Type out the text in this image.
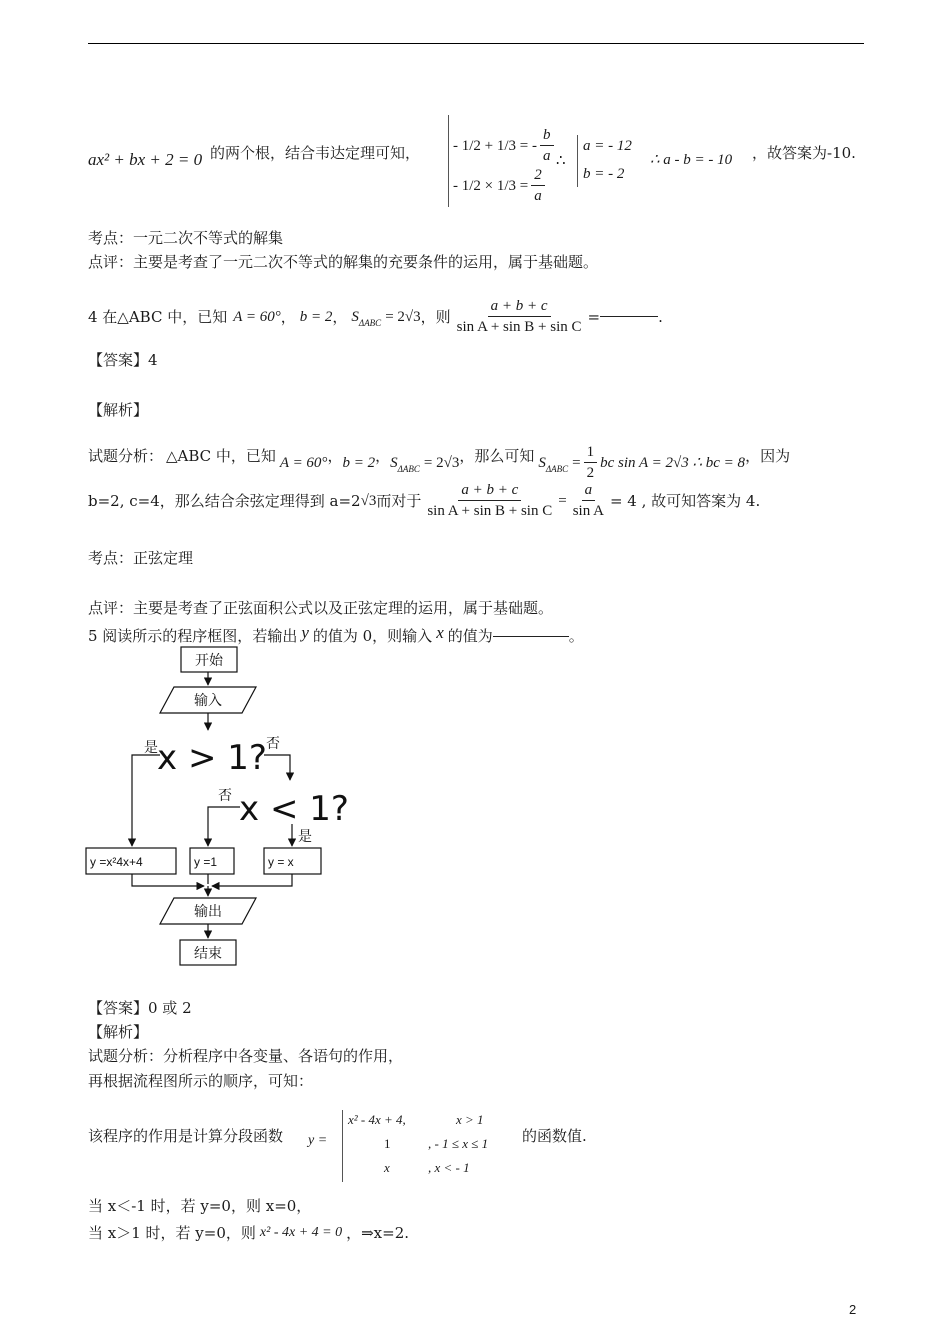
ax² + bx + 2 = 0 的两个根，结合韦达定理可知， - 1/2 + 1/3 = - $\frac{b}{a}$
- $1/2 \times 1/3 = \frac{2}{a}$
∴
a = - 12
b = - 2
∴ a - b = - 10 ，故答案为-10.
考点：一元二次不等式的解集
点评：主要是考查了一元二次不等式的解集的充要条件的运用，属于基础题。
4 在△ABC 中，已知 A = 60° ， b = 2 ， S ΔABC = 2√3 ，则 $\frac{a + b + c}{\text{sin A + sin B + sin C}}$ =	.
【答案】4
【解析】
试题分析： △ABC 中，已知 A = 60° ， b = 2 ， S ΔABC = 2√3 ，那么可知 S $\Delta ABC = \frac{1}{2}$ bc sin A = 2√3 ∴ bc = 8 ，因为
b=2, c=4，那么结合余弦定理得到 a=2 √3 而对于 $\frac{a + b + c}{\text{sin A + sin B + sin C}} = \frac{a}{\text{sin A}} = 4$ , 故可知答案为 4.
考点：正弦定理
点评：主要是考查了正弦面积公式以及正弦定理的运用，属于基础题。
5 阅读所示的程序框图，若输出 y 的值为 0，则输入 x 的值为	。
开始
输入
x > 1?
是	否
x < 1?
否
是
y =x²4x+4	y =1	y = x
输出
结束
【答案】0 或 2
【解析】
试题分析：分析程序中各变量、各语句的作用，
再根据流程图所示的顺序，可知：
该程序的作用是计算分段函数 y =
x² - 4x + 4,	x > 1
1	, - 1 ≤ x ≤ 1
x	, x < - 1
的函数值.
当 x＜-1 时，若 y=0，则 x=0，
当 x＞1 时，若 y=0，则 x² - 4x + 4 = 0 ，⇒x=2.
2
